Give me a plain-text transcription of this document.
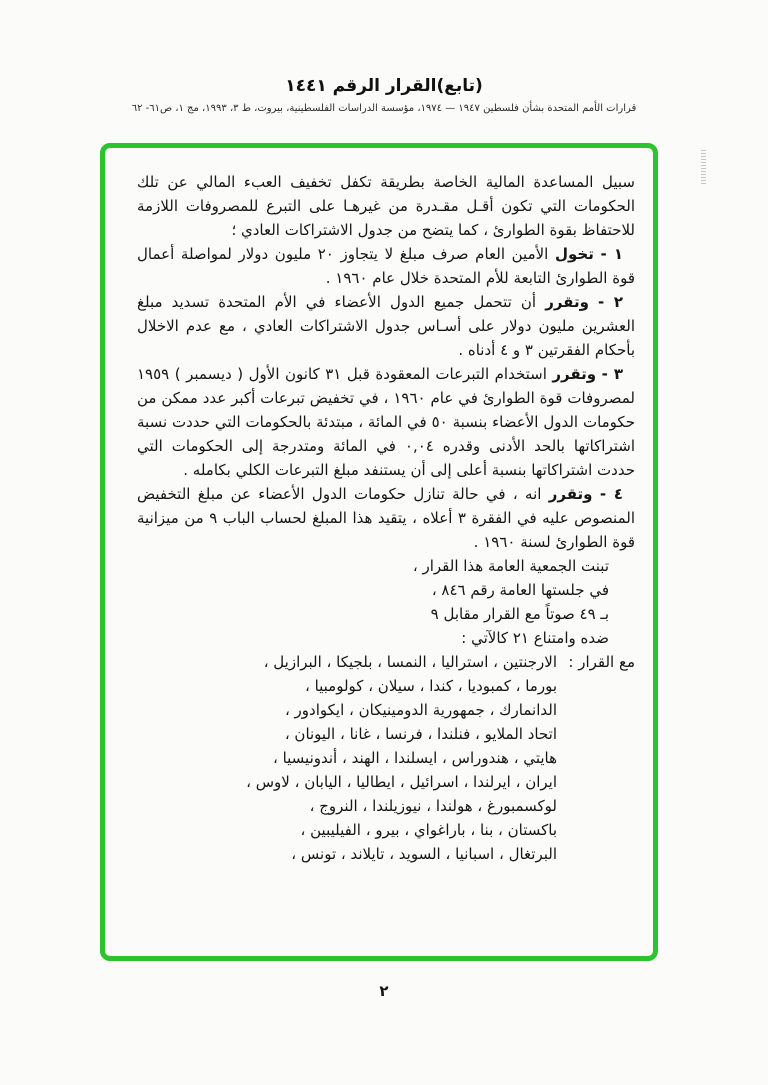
(تابع)القرار الرقم ١٤٤١
قرارات الأمم المتحدة بشأن فلسطين ١٩٤٧ — ١٩٧٤، مؤسسة الدراسات الفلسطينية، بيروت، ط ٣، ١٩٩٣، مج ١، ص٦١- ٦٢

سبيل المساعدة المالية الخاصة بطريقة تكفل تخفيف العبء المالي عن تلك الحكومات التي تكون أقـل مقـدرة من غيرهـا على التبرع للمصروفات اللازمة للاحتفاظ بقوة الطوارئ ، كما يتضح من جدول الاشتراكات العادي ؛

١ - تخول الأمين العام صرف مبلغ لا يتجاوز ٢٠ مليون دولار لمواصلة أعمال قوة الطوارئ التابعة للأم المتحدة خلال عام ١٩٦٠ .

٢ - وتقرر أن تتحمل جميع الدول الأعضاء في الأم المتحدة تسديد مبلغ العشرين مليون دولار على أسـاس جدول الاشتراكات العادي ، مع عدم الاخلال بأحكام الفقرتين ٣ و ٤ أدناه .

٣ - وتقرر استخدام التبرعات المعقودة قبل ٣١ كانون الأول ( ديسمبر ) ١٩٥٩ لمصروفات قوة الطوارئ في عام ١٩٦٠ ، في تخفيض تبرعات أكبر عدد ممكن من حكومات الدول الأعضاء بنسبة ٥٠ في المائة ، مبتدئة بالحكومات التي حددت نسبة اشتراكاتها بالحد الأدنى وقدره ٠,٠٤ في المائة ومتدرجة إلى الحكومات التي حددت اشتراكاتها بنسبة أعلى إلى أن يستنفد مبلغ التبرعات الكلي بكامله .

٤ - وتقرر انه ، في حالة تنازل حكومات الدول الأعضاء عن مبلغ التخفيض المنصوص عليه في الفقرة ٣ أعلاه ، يتقيد هذا المبلغ لحساب الباب ٩ من ميزانية قوة الطوارئ لسنة ١٩٦٠ .

تبنت الجمعية العامة هذا القرار ،
في جلستها العامة رقم ٨٤٦ ،
بـ ٤٩ صوتاً مع القرار مقابل ٩
ضده وامتناع ٢١ كالآتي :
مع القرار :
الارجنتين ، استراليا ، النمسا ، بلجيكا ، البرازيل ،
بورما ، كمبوديا ، كندا ، سيلان ، كولومبيا ،
الدانمارك ، جمهورية الدومينيكان ، ايكوادور ،
اتحاد الملايو ، فنلندا ، فرنسا ، غانا ، اليونان ،
هايتي ، هندوراس ، ايسلندا ، الهند ، أندونيسيا ،
ايران ، ايرلندا ، اسرائيل ، ايطاليا ، اليابان ، لاوس ،
لوكسمبورغ ، هولندا ، نيوزيلندا ، النروج ،
باكستان ، بنا ، باراغواي ، بيرو ، الفيليبين ،
البرتغال ، اسبانيا ، السويد ، تايلاند ، تونس ،
٢
